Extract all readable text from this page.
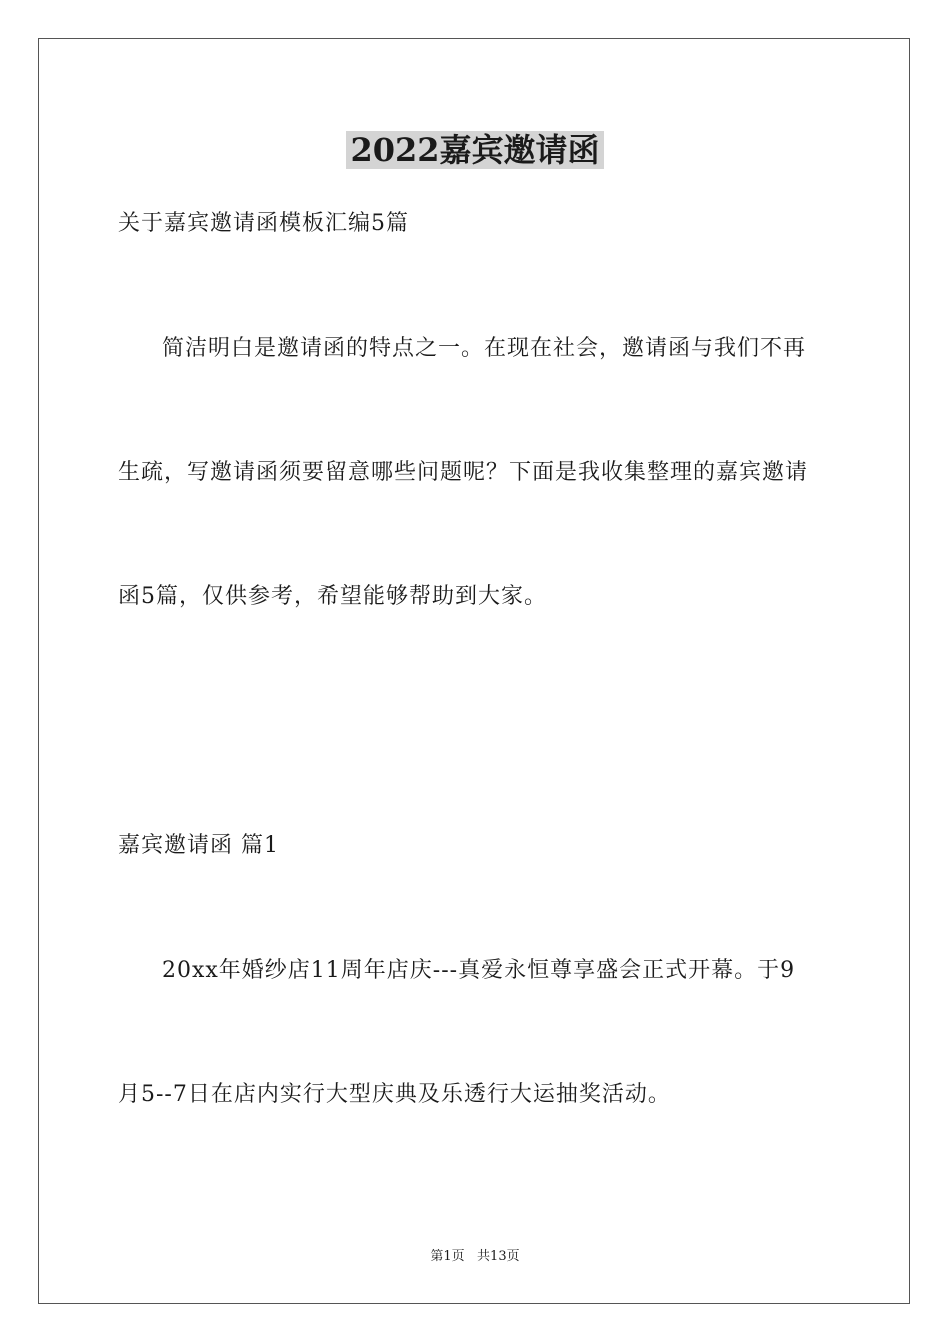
2022嘉宾邀请函
关于嘉宾邀请函模板汇编5篇
简洁明白是邀请函的特点之一。在现在社会，邀请函与我们不再
生疏，写邀请函须要留意哪些问题呢？下面是我收集整理的嘉宾邀请
函5篇，仅供参考，希望能够帮助到大家。
嘉宾邀请函 篇1
20xx年婚纱店11周年店庆---真爱永恒尊享盛会正式开幕。于9
月5--7日在店内实行大型庆典及乐透行大运抽奖活动。
第1页   共13页
